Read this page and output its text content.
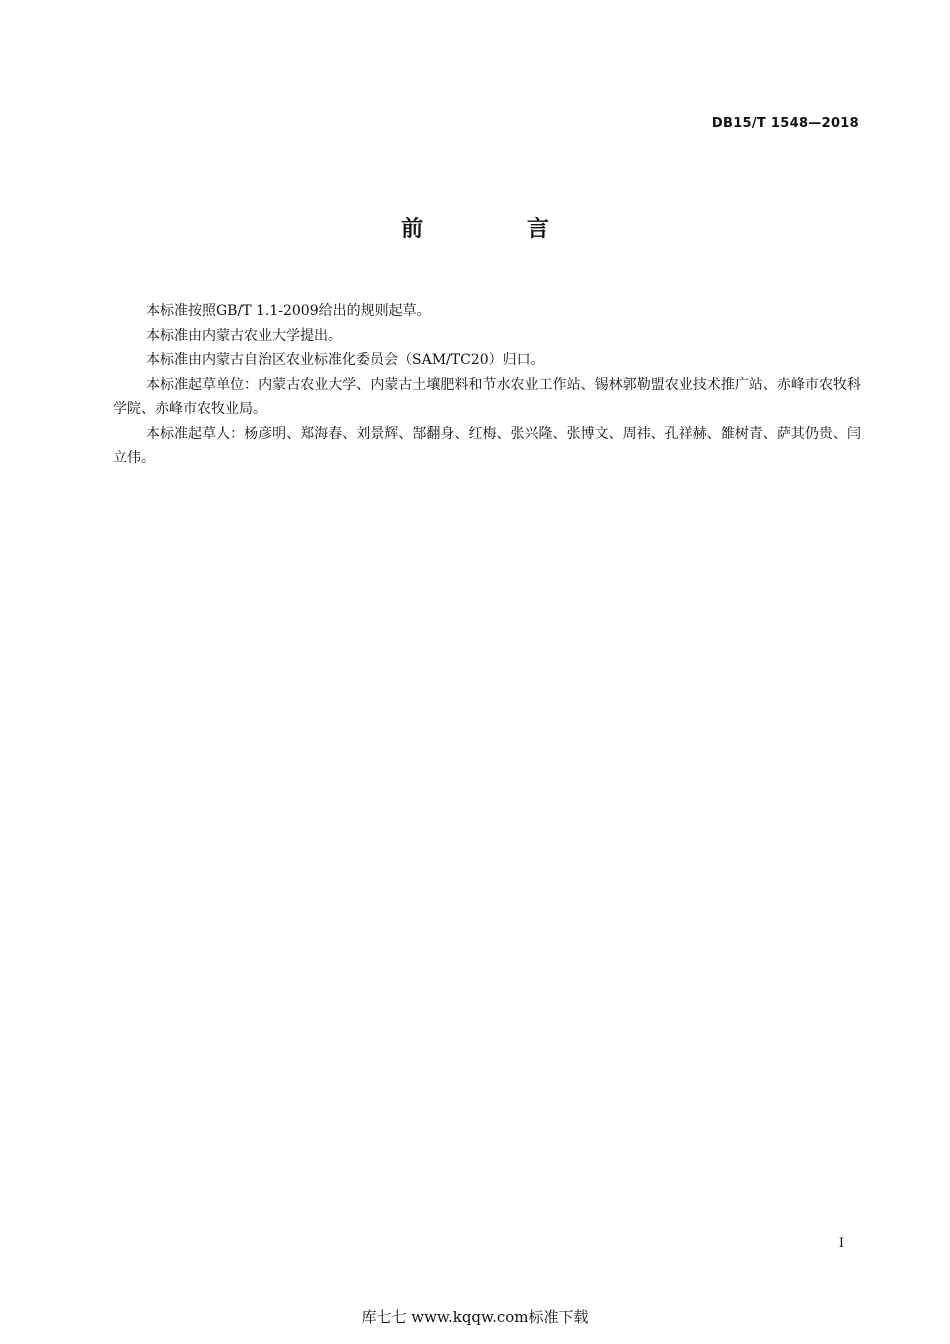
DB15/T 1548—2018
前 言

本标准按照GB/T 1.1-2009给出的规则起草。

本标准由内蒙古农业大学提出。

本标准由内蒙古自治区农业标准化委员会（SAM/TC20）归口。

本标准起草单位：内蒙古农业大学、内蒙古土壤肥料和节水农业工作站、锡林郭勒盟农业技术推广站、赤峰市农牧科学院、赤峰市农牧业局。

本标准起草人：杨彦明、郑海春、刘景辉、郜翻身、红梅、张兴隆、张博文、周祎、孔祥赫、雒树青、萨其仍贵、闫立伟。

I
库七七 www.kqqw.com标准下载
